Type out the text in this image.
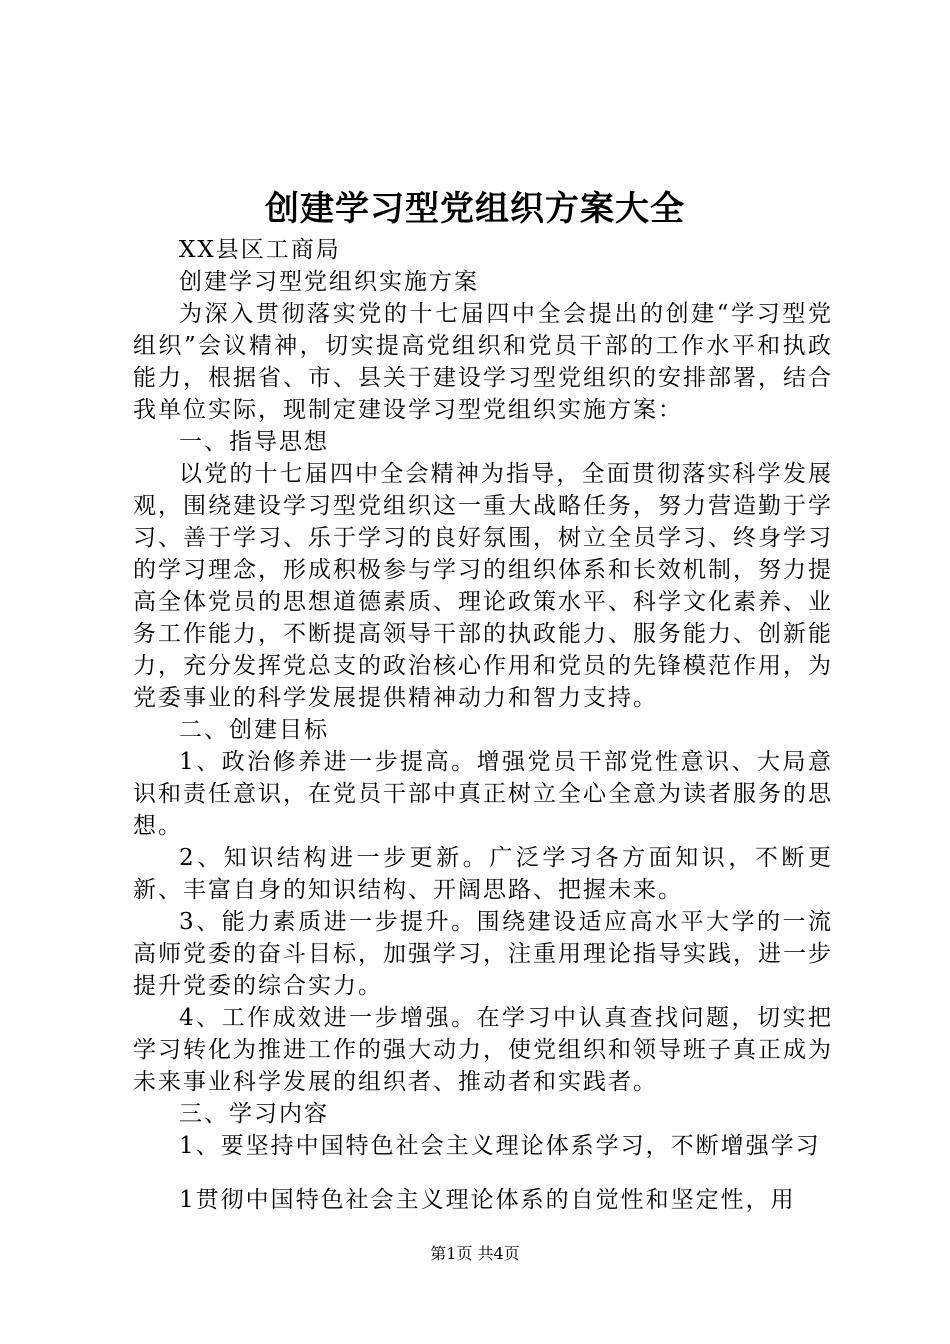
创建学习型党组织方案大全

XX县区工商局

创建学习型党组织实施方案

为深入贯彻落实党的十七届四中全会提出的创建“学习型党组织”会议精神，切实提高党组织和党员干部的工作水平和执政能力，根据省、市、县关于建设学习型党组织的安排部署，结合我单位实际，现制定建设学习型党组织实施方案：

一、指导思想

以党的十七届四中全会精神为指导，全面贯彻落实科学发展观，围绕建设学习型党组织这一重大战略任务，努力营造勤于学习、善于学习、乐于学习的良好氛围，树立全员学习、终身学习的学习理念，形成积极参与学习的组织体系和长效机制，努力提高全体党员的思想道德素质、理论政策水平、科学文化素养、业务工作能力，不断提高领导干部的执政能力、服务能力、创新能力，充分发挥党总支的政治核心作用和党员的先锋模范作用，为党委事业的科学发展提供精神动力和智力支持。

二、创建目标

1、政治修养进一步提高。增强党员干部党性意识、大局意识和责任意识，在党员干部中真正树立全心全意为读者服务的思想。

2、知识结构进一步更新。广泛学习各方面知识，不断更新、丰富自身的知识结构、开阔思路、把握未来。

3、能力素质进一步提升。围绕建设适应高水平大学的一流高师党委的奋斗目标，加强学习，注重用理论指导实践，进一步提升党委的综合实力。

4、工作成效进一步增强。在学习中认真查找问题，切实把学习转化为推进工作的强大动力，使党组织和领导班子真正成为未来事业科学发展的组织者、推动者和实践者。

三、学习内容

1、要坚持中国特色社会主义理论体系学习，不断增强学习

1贯彻中国特色社会主义理论体系的自觉性和坚定性，用

第1页 共4页
